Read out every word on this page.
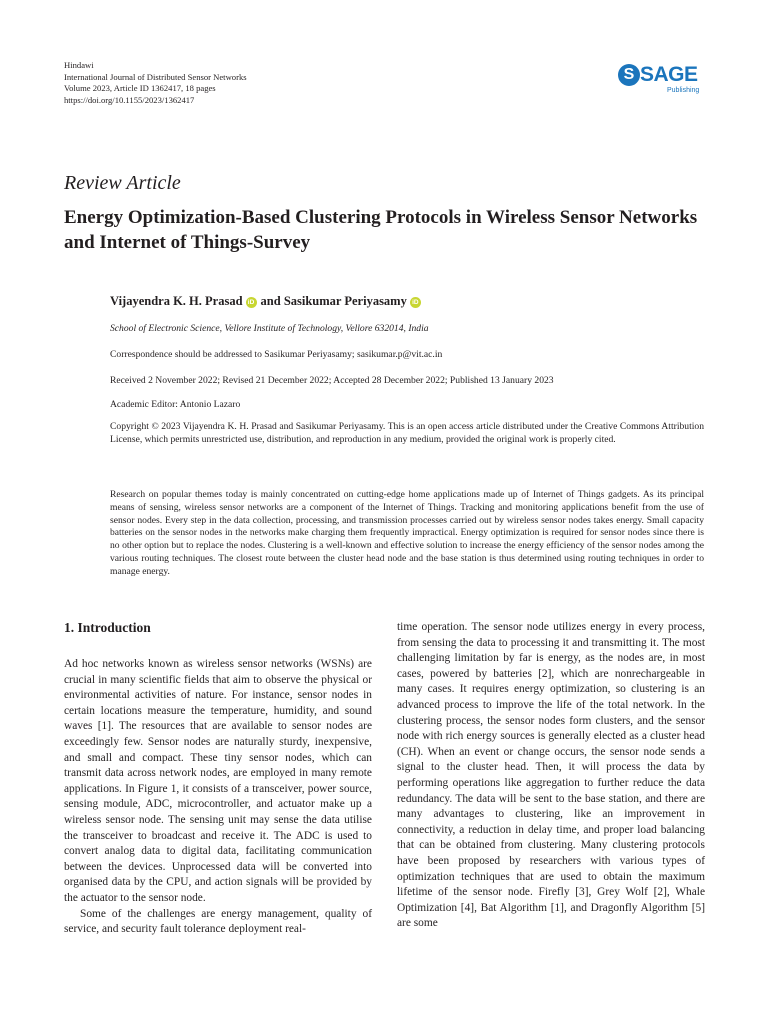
Hindawi
International Journal of Distributed Sensor Networks
Volume 2023, Article ID 1362417, 18 pages
https://doi.org/10.1155/2023/1362417
S SAGE
Publishing
Review Article
Energy Optimization-Based Clustering Protocols in Wireless Sensor Networks and Internet of Things-Survey
Vijayendra K. H. Prasad iD and Sasikumar Periyasamy iD
School of Electronic Science, Vellore Institute of Technology, Vellore 632014, India
Correspondence should be addressed to Sasikumar Periyasamy; sasikumar.p@vit.ac.in
Received 2 November 2022; Revised 21 December 2022; Accepted 28 December 2022; Published 13 January 2023
Academic Editor: Antonio Lazaro
Copyright © 2023 Vijayendra K. H. Prasad and Sasikumar Periyasamy. This is an open access article distributed under the Creative Commons Attribution License, which permits unrestricted use, distribution, and reproduction in any medium, provided the original work is properly cited.
Research on popular themes today is mainly concentrated on cutting-edge home applications made up of Internet of Things gadgets. As its principal means of sensing, wireless sensor networks are a component of the Internet of Things. Tracking and monitoring applications benefit from the use of sensor nodes. Every step in the data collection, processing, and transmission processes carried out by wireless sensor nodes takes energy. Small capacity batteries on the sensor nodes in the networks make charging them frequently impractical. Energy optimization is required for sensor nodes since there is no other option but to replace the nodes. Clustering is a well-known and effective solution to increase the energy efficiency of the sensor nodes among the various routing techniques. The closest route between the cluster head node and the base station is thus determined using routing techniques in order to manage energy.
1. Introduction

Ad hoc networks known as wireless sensor networks (WSNs) are crucial in many scientific fields that aim to observe the physical or environmental activities of nature. For instance, sensor nodes in certain locations measure the temperature, humidity, and sound waves [1]. The resources that are available to sensor nodes are exceedingly few. Sensor nodes are naturally sturdy, inexpensive, and small and compact. These tiny sensor nodes, which can transmit data across network nodes, are employed in many remote applications. In Figure 1, it consists of a transceiver, power source, sensing module, ADC, microcontroller, and actuator make up a wireless sensor node. The sensing unit may sense the data utilise the transceiver to broadcast and receive it. The ADC is used to convert analog data to digital data, facilitating communication between the devices. Unprocessed data will be converted into organised data by the CPU, and action signals will be provided by the actuator to the sensor node.

Some of the challenges are energy management, quality of service, and security fault tolerance deployment real-

time operation. The sensor node utilizes energy in every process, from sensing the data to processing it and transmitting it. The most challenging limitation by far is energy, as the nodes are, in most cases, powered by batteries [2], which are nonrechargeable in many cases. It requires energy optimization, so clustering is an advanced process to improve the life of the total network. In the clustering process, the sensor nodes form clusters, and the sensor node with rich energy sources is generally elected as a cluster head (CH). When an event or change occurs, the sensor node sends a signal to the cluster head. Then, it will process the data by performing operations like aggregation to further reduce the data redundancy. The data will be sent to the base station, and there are many advantages to clustering, like an improvement in connectivity, a reduction in delay time, and proper load balancing that can be obtained from clustering. Many clustering protocols have been proposed by researchers with various types of optimization techniques that are used to obtain the maximum lifetime of the sensor node. Firefly [3], Grey Wolf [2], Whale Optimization [4], Bat Algorithm [1], and Dragonfly Algorithm [5] are some
